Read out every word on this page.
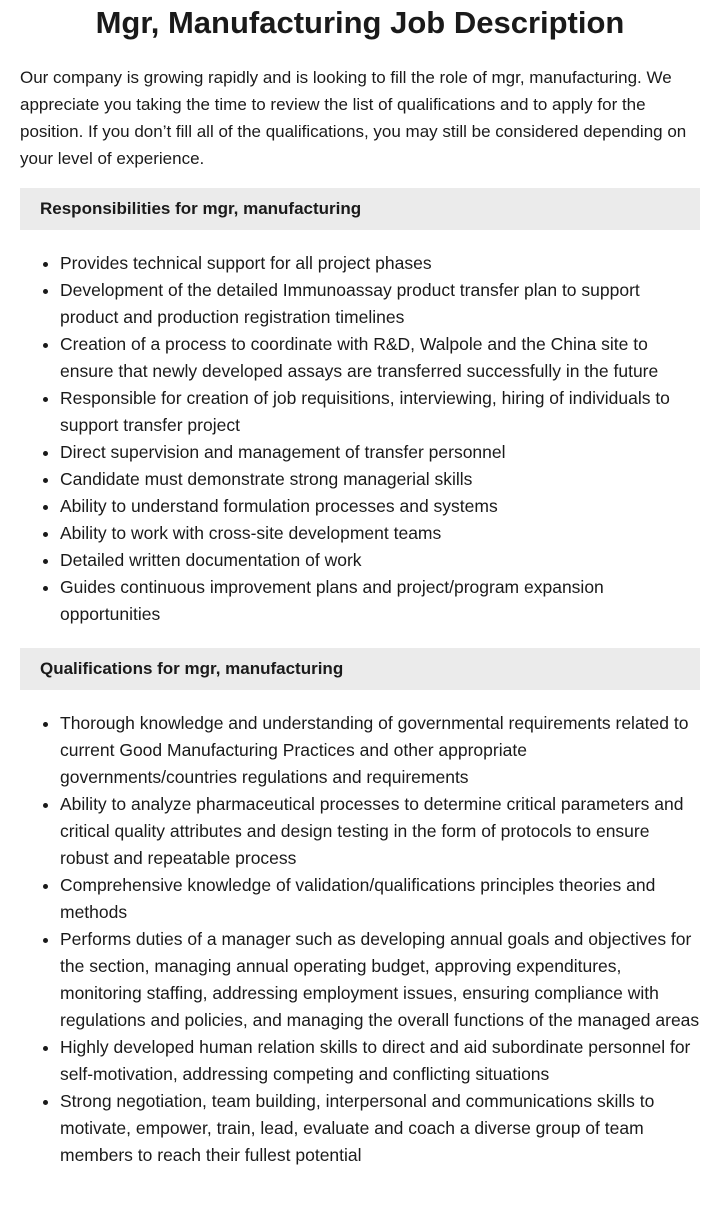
Mgr, Manufacturing Job Description

Our company is growing rapidly and is looking to fill the role of mgr, manufacturing. We appreciate you taking the time to review the list of qualifications and to apply for the position. If you don’t fill all of the qualifications, you may still be considered depending on your level of experience.

Responsibilities for mgr, manufacturing
• Provides technical support for all project phases
• Development of the detailed Immunoassay product transfer plan to support product and production registration timelines
• Creation of a process to coordinate with R&D, Walpole and the China site to ensure that newly developed assays are transferred successfully in the future
• Responsible for creation of job requisitions, interviewing, hiring of individuals to support transfer project
• Direct supervision and management of transfer personnel
• Candidate must demonstrate strong managerial skills
• Ability to understand formulation processes and systems
• Ability to work with cross-site development teams
• Detailed written documentation of work
• Guides continuous improvement plans and project/program expansion opportunities
Qualifications for mgr, manufacturing
• Thorough knowledge and understanding of governmental requirements related to current Good Manufacturing Practices and other appropriate governments/countries regulations and requirements
• Ability to analyze pharmaceutical processes to determine critical parameters and critical quality attributes and design testing in the form of protocols to ensure robust and repeatable process
• Comprehensive knowledge of validation/qualifications principles theories and methods
• Performs duties of a manager such as developing annual goals and objectives for the section, managing annual operating budget, approving expenditures, monitoring staffing, addressing employment issues, ensuring compliance with regulations and policies, and managing the overall functions of the managed areas
• Highly developed human relation skills to direct and aid subordinate personnel for self-motivation, addressing competing and conflicting situations
• Strong negotiation, team building, interpersonal and communications skills to motivate, empower, train, lead, evaluate and coach a diverse group of team members to reach their fullest potential
